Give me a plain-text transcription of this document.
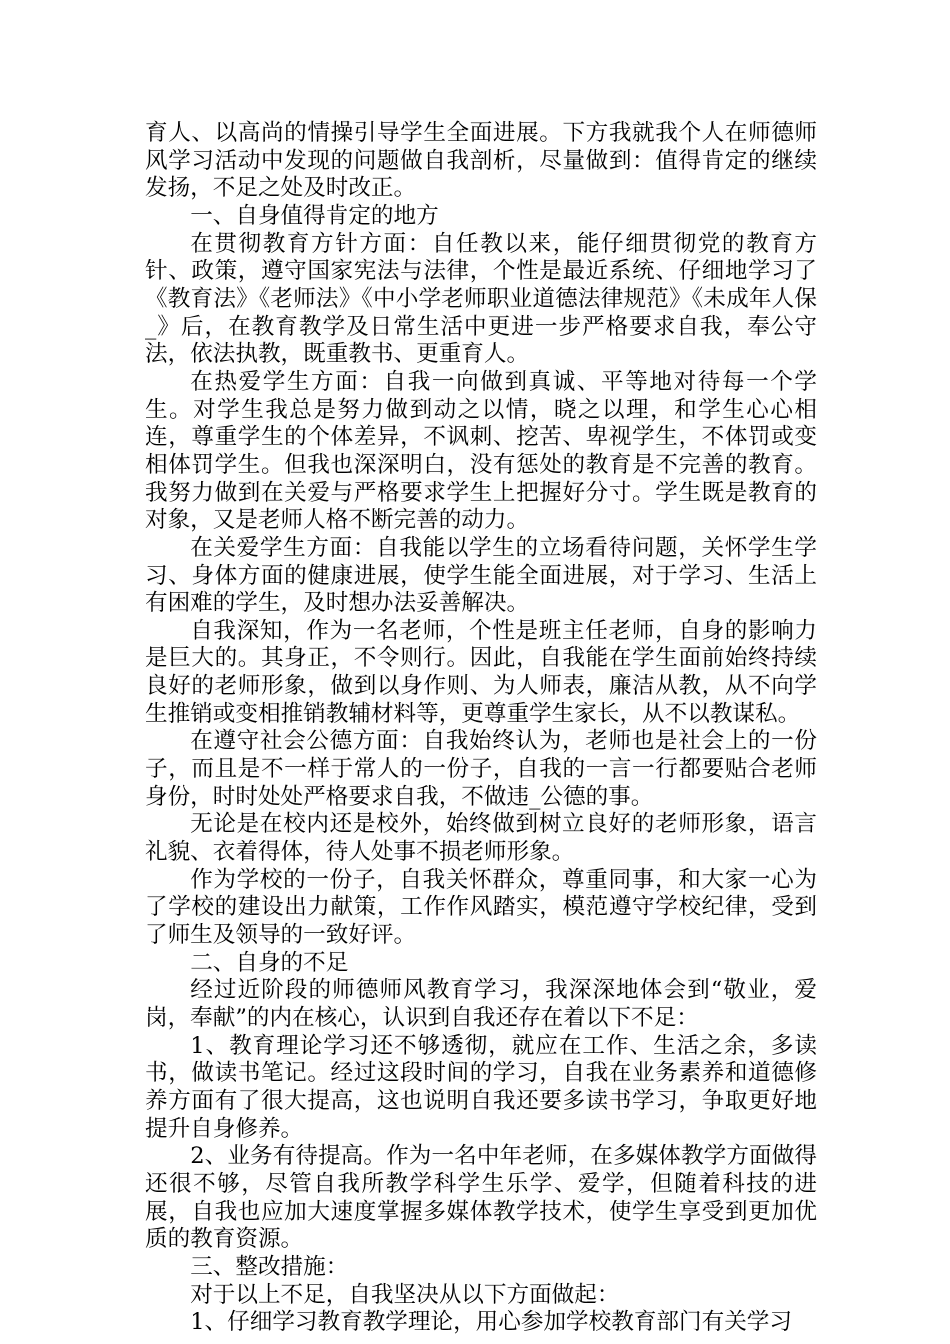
育人、以高尚的情操引导学生全面进展。下方我就我个人在师德师风学习活动中发现的问题做自我剖析，尽量做到：值得肯定的继续发扬，不足之处及时改正。

一、自身值得肯定的地方

在贯彻教育方针方面：自任教以来，能仔细贯彻党的教育方针、政策，遵守国家宪法与法律，个性是最近系统、仔细地学习了《教育法》《老师法》《中小学老师职业道德法律规范》《未成年人保_》后，在教育教学及日常生活中更进一步严格要求自我，奉公守法，依法执教，既重教书、更重育人。

在热爱学生方面：自我一向做到真诚、平等地对待每一个学生。对学生我总是努力做到动之以情，晓之以理，和学生心心相连，尊重学生的个体差异，不讽刺、挖苦、卑视学生，不体罚或变相体罚学生。但我也深深明白，没有惩处的教育是不完善的教育。我努力做到在关爱与严格要求学生上把握好分寸。学生既是教育的对象，又是老师人格不断完善的动力。

在关爱学生方面：自我能以学生的立场看待问题，关怀学生学习、身体方面的健康进展，使学生能全面进展，对于学习、生活上有困难的学生，及时想办法妥善解决。

自我深知，作为一名老师，个性是班主任老师，自身的影响力是巨大的。其身正，不令则行。因此，自我能在学生面前始终持续良好的老师形象，做到以身作则、为人师表，廉洁从教，从不向学生推销或变相推销教辅材料等，更尊重学生家长，从不以教谋私。

在遵守社会公德方面：自我始终认为，老师也是社会上的一份子，而且是不一样于常人的一份子，自我的一言一行都要贴合老师身份，时时处处严格要求自我，不做违_公德的事。

无论是在校内还是校外，始终做到树立良好的老师形象，语言礼貌、衣着得体，待人处事不损老师形象。

作为学校的一份子，自我关怀群众，尊重同事，和大家一心为了学校的建设出力献策，工作作风踏实，模范遵守学校纪律，受到了师生及领导的一致好评。

二、自身的不足

经过近阶段的师德师风教育学习，我深深地体会到“敬业，爱岗，奉献”的内在核心，认识到自我还存在着以下不足：

1、教育理论学习还不够透彻，就应在工作、生活之余，多读书，做读书笔记。经过这段时间的学习，自我在业务素养和道德修养方面有了很大提高，这也说明自我还要多读书学习，争取更好地提升自身修养。

2、业务有待提高。作为一名中年老师，在多媒体教学方面做得还很不够，尽管自我所教学科学生乐学、爱学，但随着科技的进展，自我也应加大速度掌握多媒体教学技术，使学生享受到更加优质的教育资源。

三、整改措施：

对于以上不足，自我坚决从以下方面做起：

1、仔细学习教育教学理论，用心参加学校教育部门有关学习
